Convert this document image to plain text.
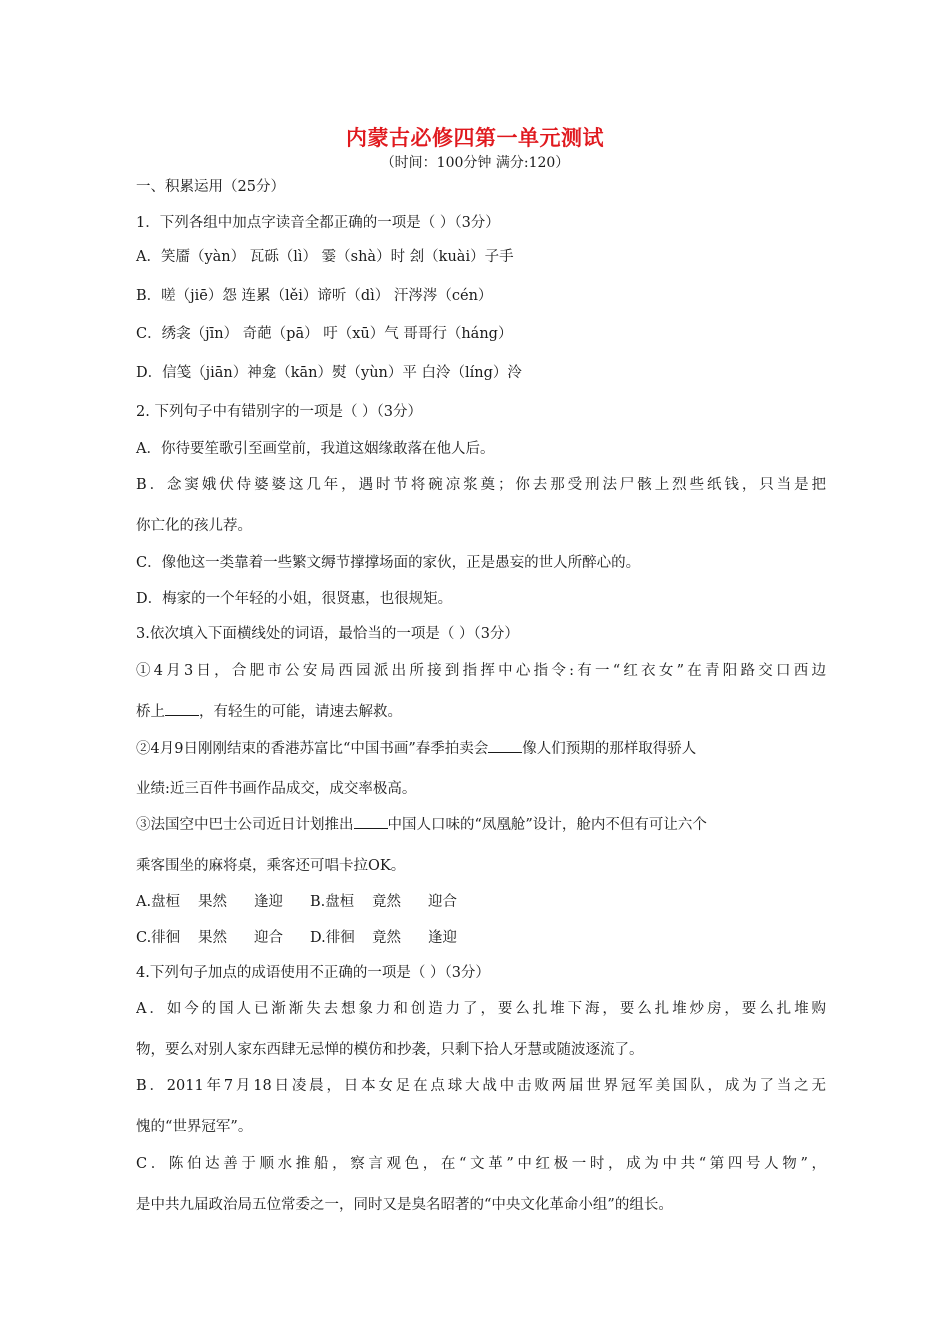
内蒙古必修四第一单元测试
（时间：100分钟 满分:120）
一、积累运用（25分）
1．下列各组中加点字读音全都正确的一项是（ ）（3分）
A．笑靥（yàn） 瓦砾（lì） 霎（shà）时 刽（kuài）子手
B．嗟（jiē）怨 连累（lěi）谛听（dì） 汗涔涔（cén）
C．绣衾（jīn） 奇葩（pā） 吁（xū）气 哥哥行（háng）
D．信笺（jiān）神龛（kān）熨（yùn）平 白泠（líng）泠
2. 下列句子中有错别字的一项是（ ）（3分）
A．你待要笙歌引至画堂前，我道这姻缘敢落在他人后。
B．念窦娥伏侍婆婆这几年，遇时节将碗凉浆奠；你去那受刑法尸骸上烈些纸钱，只当是把
你亡化的孩儿荐。
C．像他这一类靠着一些繁文缛节撑撑场面的家伙，正是愚妄的世人所醉心的。
D．梅家的一个年轻的小姐，很贤惠，也很规矩。
3.依次填入下面横线处的词语，最恰当的一项是（ ）（3分）
①4月3日，合肥市公安局西园派出所接到指挥中心指令:有一“红衣女”在青阳路交口西边
桥上 ，有轻生的可能，请速去解救。
②4月9日刚刚结束的香港苏富比“中国书画”春季拍卖会 像人们预期的那样取得骄人
业绩:近三百件书画作品成交，成交率极高。
③法国空中巴士公司近日计划推出 中国人口味的“凤凰舱”设计，舱内不但有可让六个
乘客围坐的麻将桌，乘客还可唱卡拉OK。
A.盘桓 果然 逢迎 B.盘桓 竟然 迎合
C.徘徊 果然 迎合 D.徘徊 竟然 逢迎
4.下列句子加点的成语使用不正确的一项是（ ）（3分）
A．如今的国人已渐渐失去想象力和创造力了，要么扎堆下海，要么扎堆炒房，要么扎堆购
物，要么对别人家东西肆无忌惮的模仿和抄袭，只剩下拾人牙慧或随波逐流了。
B．2011年7月18日凌晨，日本女足在点球大战中击败两届世界冠军美国队，成为了当之无
愧的“世界冠军”。
C．陈伯达善于顺水推船，察言观色，在“文革”中红极一时，成为中共“第四号人物”，
是中共九届政治局五位常委之一，同时又是臭名昭著的“中央文化革命小组”的组长。
